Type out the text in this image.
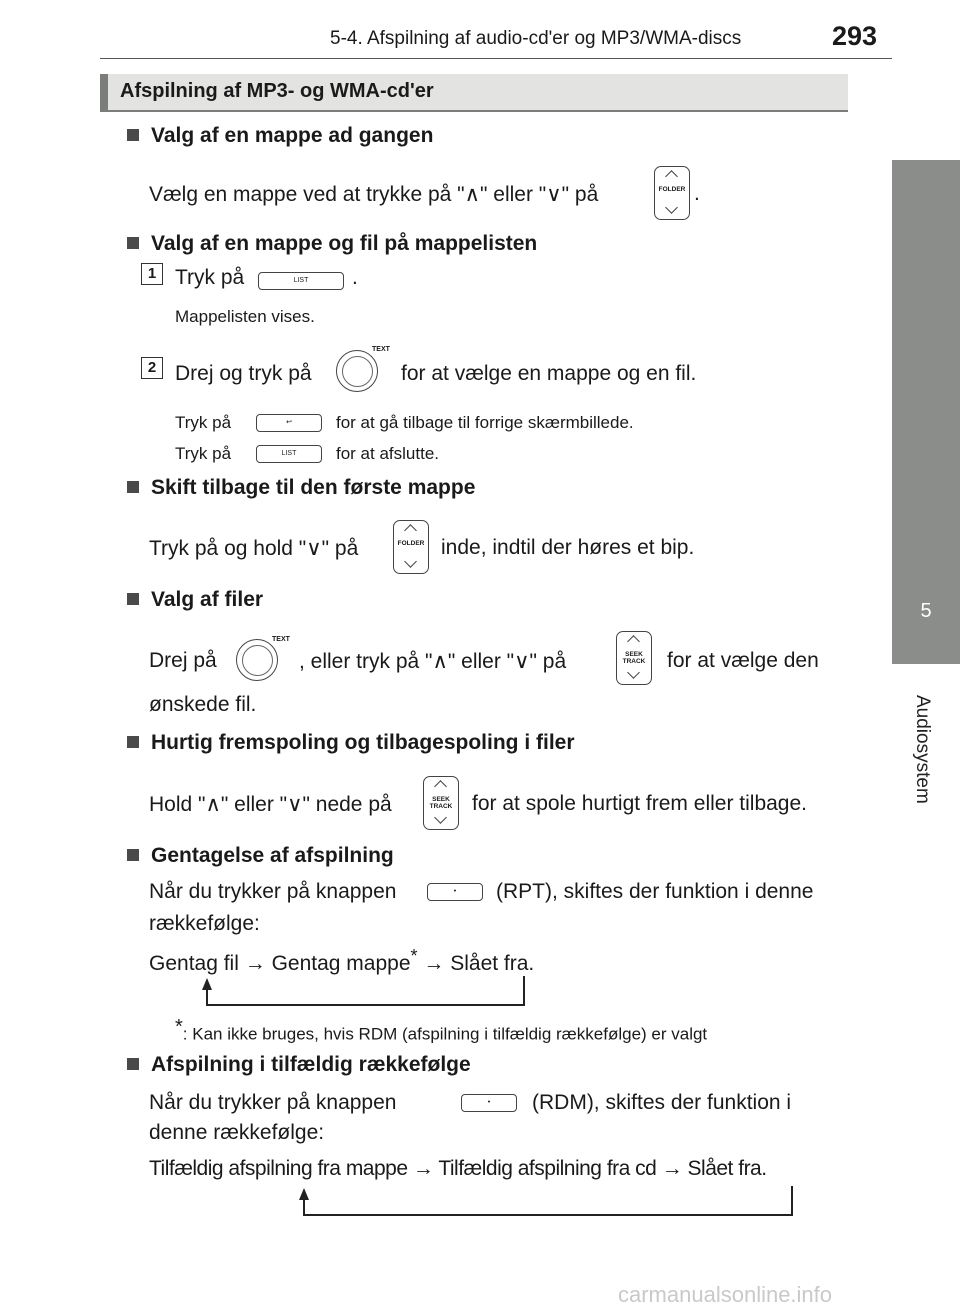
5-4. Afspilning af audio-cd'er og MP3/WMA-discs	293
5
Audiosystem
Afspilning af MP3- og WMA-cd'er
Valg af en mappe ad gangen
Vælg en mappe ved at trykke på "∧" eller "∨" på	FOLDER .
Valg af en mappe og fil på mappelisten
1 Tryk på	LIST	.
Mappelisten vises.
2 Drej og tryk på
TEXT
for at vælge en mappe og en fil.
Tryk på	↩	for at gå tilbage til forrige skærmbillede.
Tryk på	LIST	for at afslutte.
Skift tilbage til den første mappe
Tryk på og hold "∨" på	FOLDER inde, indtil der høres et bip.
Valg af filer
Drej på
TEXT
, eller tryk på "∧" eller "∨" på	SEEK
TRACK for at vælge den
ønskede fil.
Hurtig fremspoling og tilbagespoling i filer
Hold "∧" eller "∨" nede på	SEEK
TRACK for at spole hurtigt frem eller tilbage.
Gentagelse af afspilning
Når du trykker på knappen	•	(RPT), skiftes der funktion i denne
rækkefølge:
Gentag fil → Gentag mappe* → Slået fra.
*: Kan ikke bruges, hvis RDM (afspilning i tilfældig rækkefølge) er valgt
Afspilning i tilfældig rækkefølge
Når du trykker på knappen	•	(RDM), skiftes der funktion i
denne rækkefølge:
Tilfældig afspilning fra mappe → Tilfældig afspilning fra cd → Slået fra.
carmanualsonline.info
